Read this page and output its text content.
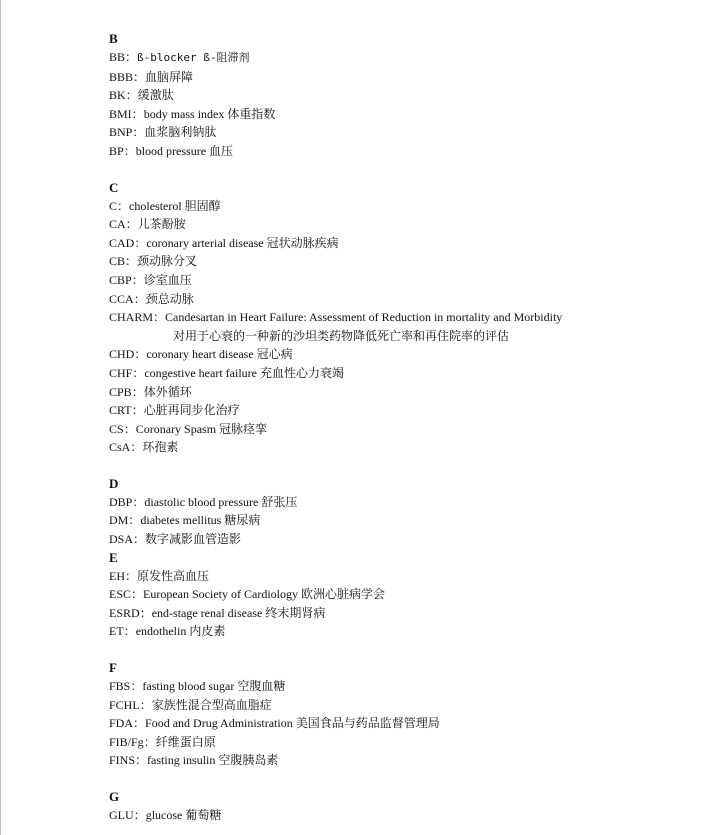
B
BB：ß-blocker ß-阻滞剂
BBB：血脑屏障
BK：缓激肽
BMI：body mass index 体重指数
BNP：血浆脑利钠肽
BP：blood pressure 血压
C
C：cholesterol 胆固醇
CA：儿茶酚胺
CAD：coronary arterial disease 冠状动脉疾病
CB：颈动脉分叉
CBP：诊室血压
CCA：颈总动脉
CHARM：Candesartan in Heart Failure: Assessment of Reduction in mortality and Morbidity
对用于心衰的一种新的沙坦类药物降低死亡率和再住院率的评估
CHD：coronary heart disease 冠心病
CHF：congestive heart failure 充血性心力衰竭
CPB：体外循环
CRT：心脏再同步化治疗
CS：Coronary Spasm 冠脉痉挛
CsA：环孢素
D
DBP：diastolic blood pressure 舒张压
DM：diabetes mellitus 糖尿病
DSA：数字减影血管造影
E
EH：原发性高血压
ESC：European Society of Cardiology 欧洲心脏病学会
ESRD：end-stage renal disease 终末期肾病
ET：endothelin 内皮素
F
FBS：fasting blood sugar 空腹血糖
FCHL：家族性混合型高血脂症
FDA：Food and Drug Administration 美国食品与药品监督管理局
FIB/Fg：纤维蛋白原
FINS：fasting insulin 空腹胰岛素
G
GLU：glucose 葡萄糖
